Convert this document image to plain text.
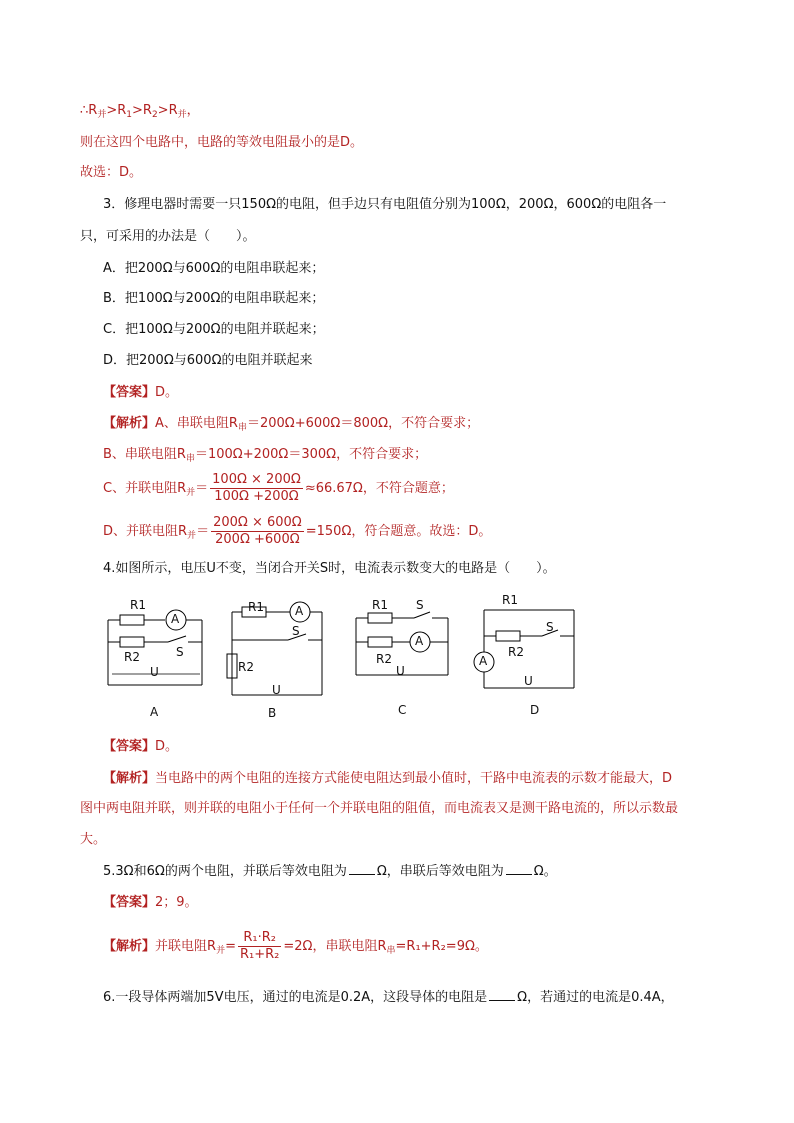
$\therefore R_并>R_1>R_2>R_并$，
则在这四个电路中，电路的等效电阻最小的是D。
故选：D。
3．修理电器时需要一只150Ω的电阻，但手边只有电阻值分别为100Ω，200Ω，600Ω的电阻各一
只，可采用的办法是（　　）。
A．把200Ω与600Ω的电阻串联起来；
B．把100Ω与200Ω的电阻串联起来；
C．把100Ω与200Ω的电阻并联起来；
D．把200Ω与600Ω的电阻并联起来
【答案】D。
【解析】A、串联电阻$R_串=200\Omega+600\Omega=800\Omega$，不符合要求；
B、串联电阻$R_串=100\Omega+200\Omega=300\Omega$，不符合要求；
C、并联电阻$R_并= \frac{100\Omega \times 200\Omega}{100\Omega +200\Omega} \approx 66.67\Omega$，不符合题意；
D、并联电阻$R_并= \frac{200\Omega \times 600\Omega}{200\Omega +600\Omega} =150\Omega$，符合题意。故选：D。
4.如图所示，电压U不变，当闭合开关S时，电流表示数变大的电路是（　　）。
R1
A
R2	S
U
A
R1	A
S
R2
U
B
R1 S
A
R2
U
C
R1
S
A
R2
U
D
【答案】D。
【解析】当电路中的两个电阻的连接方式能使电阻达到最小值时，干路中电流表的示数才能最大，D
图中两电阻并联，则并联的电阻小于任何一个并联电阻的阻值，而电流表又是测干路电流的，所以示数最
大。
5.3Ω和6Ω的两个电阻，并联后等效电阻为 Ω，串联后等效电阻为 Ω。
【答案】2；9。
【解析】并联电阻$R_并= \frac{\text{R₁·R₂}}{\text{R₁+R₂}} =2\Omega$，串联电阻$R_串=R_1+R_2=9\Omega$。
6.一段导体两端加5V电压，通过的电流是0.2A，这段导体的电阻是 Ω，若通过的电流是0.4A，
